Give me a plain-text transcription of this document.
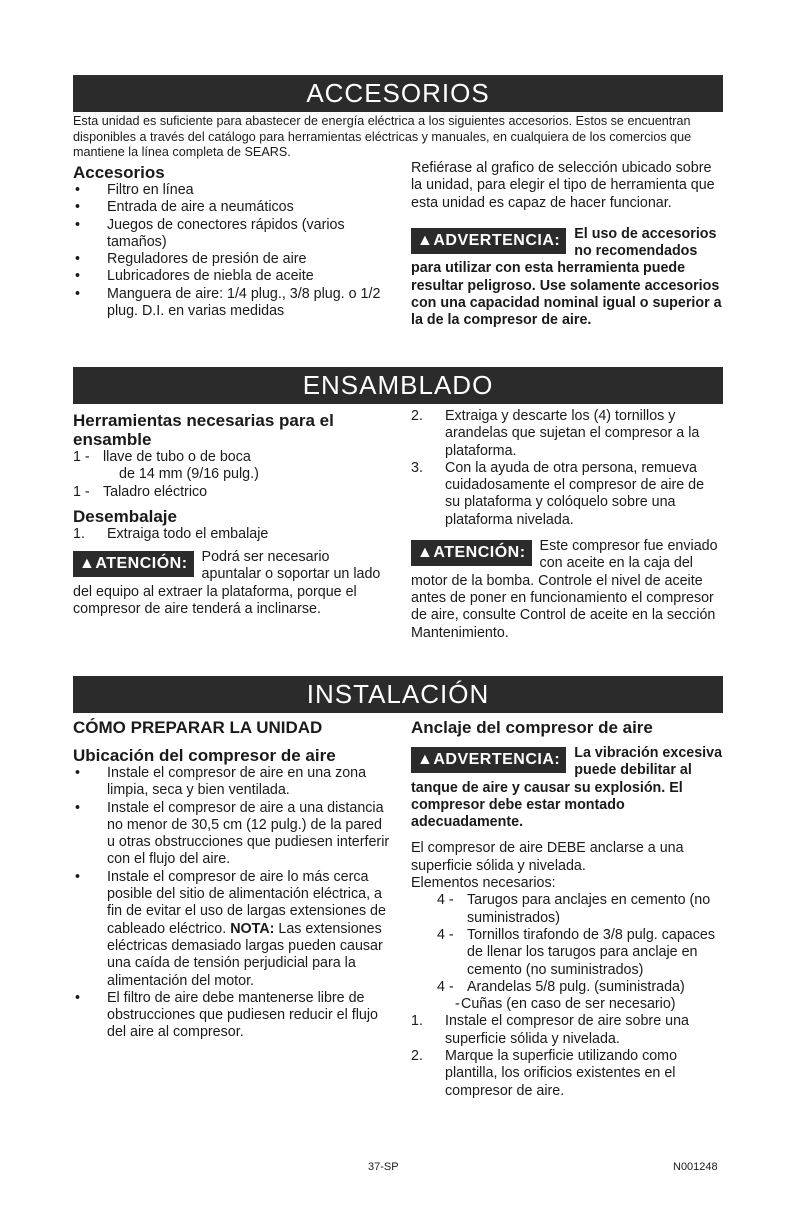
ACCESORIOS
Esta unidad es suficiente para abastecer de energía eléctrica a los siguientes accesorios. Estos se encuentran disponibles a través del catálogo para herramientas eléctricas y manuales, en cualquiera de los comercios que mantiene la línea completa de SEARS.
Accesorios
• Filtro en línea
• Entrada de aire a neumáticos
• Juegos de conectores rápidos (varios tamaños)
• Reguladores de presión de aire
• Lubricadores de niebla de aceite
• Manguera de aire: 1/4 plug., 3/8 plug. o 1/2 plug. D.I. en varias medidas

Refiérase al grafico de selección ubicado sobre la unidad, para elegir el tipo de herramienta que esta unidad es capaz de hacer funcionar.

▲ADVERTENCIA: El uso de accesorios no recomendados para utilizar con esta herramienta puede resultar peligroso. Use solamente accesorios con una capacidad nominal igual o superior a la de la compresor de aire.
ENSAMBLADO
Herramientas necesarias para el ensamble
1 - llave de tubo o de boca
de 14 mm (9/16 pulg.)
1 - Taladro eléctrico
Desembalaje
1. Extraiga todo el embalaje
▲ATENCIÓN: Podrá ser necesario apuntalar o soportar un lado del equipo al extraer la plataforma, porque el compresor de aire tenderá a inclinarse.
2. Extraiga y descarte los (4) tornillos y arandelas que sujetan el compresor a la plataforma.
3. Con la ayuda de otra persona, remueva cuidadosamente el compresor de aire de su plataforma y colóquelo sobre una plataforma nivelada.
▲ATENCIÓN: Este compresor fue enviado con aceite en la caja del motor de la bomba. Controle el nivel de aceite antes de poner en funcionamiento el compresor de aire, consulte Control de aceite en la sección Mantenimiento.
INSTALACIÓN
CÓMO PREPARAR LA UNIDAD
Ubicación del compresor de aire
• Instale el compresor de aire en una zona limpia, seca y bien ventilada.
• Instale el compresor de aire a una distancia no menor de 30,5 cm (12 pulg.) de la pared u otras obstrucciones que pudiesen interferir con el flujo del aire.
• Instale el compresor de aire lo más cerca posible del sitio de alimentación eléctrica, a fin de evitar el uso de largas extensiones de cableado eléctrico. NOTA: Las extensiones eléctricas demasiado largas pueden causar una caída de tensión perjudicial para la alimentación del motor.
• El filtro de aire debe mantenerse libre de obstrucciones que pudiesen reducir el flujo del aire al compresor.
Anclaje del compresor de aire
▲ADVERTENCIA: La vibración excesiva puede debilitar al tanque de aire y causar su explosión. El compresor debe estar montado adecuadamente.

El compresor de aire DEBE anclarse a una superficie sólida y nivelada.

Elementos necesarios:

4 - Tarugos para anclajes en cemento (no suministrados)
4 - Tornillos tirafondo de 3/8 pulg. capaces de llenar los tarugos para anclaje en cemento (no suministrados)
4 - Arandelas 5/8 pulg. (suministrada)
- Cuñas (en caso de ser necesario)
1. Instale el compresor de aire sobre una superficie sólida y nivelada.
2. Marque la superficie utilizando como plantilla, los orificios existentes en el compresor de aire.
37-SP	N001248
